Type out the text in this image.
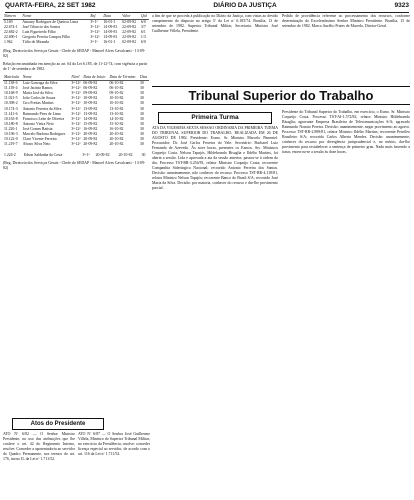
QUARTA-FEIRA, 22 SET 1982	DIÁRIO DA JUSTIÇA	9323
Número	Nome	Ref.	Data	Valor	Qtd
5.169	Amaury Rodrigues de Queiroz Lima	3ª-1ª	16-01-1	02-09-82	6/0
22.674-1	José Tiburcio dos Santos	3ª-12ª	14-09-81	22-09-82	3/7
22.682-2	Luiz Figueiredo Filho	3ª-12ª	14-09-81	22-09-82	6/1
22.690-1	Gregorio Pereira Campos Filho	3ª-12ª	14-09-81	22-09-82	1/3
1.962	Túlio de Miranda	3ª-1ª	16-01-1	02-09-82	6/0
(Reg. Diretoria dos Serviços Gerais - Chefe do SEDAP - Manoel Alves Cavalcanti - 13-09-82)
Relação encaminhada em atenção ao art. 64 da Lei 6.185, de 11-12-74, com vigência a partir de 1º de setembro de 1982.
Matrícula	Nome	Nível	Data de Início	Data de Término	Dias
11.138-6	Luiz Gonzaga da Silva	3ª-12ª	06-09-82	06-10-82	30
11.139-4	José Jacinto Ramos	3ª-12ª	06-09-82	06-10-82	30
10.168-9	Maria José da Silva	3ª-12ª	09-09-82	09-10-82	30
11.021-5	João Carlos de Souza	3ª-12ª	10-09-82	10-10-82	30
10.398-2	Ciro Freitas Martins	3ª-12ª	10-09-82	10-10-82	30
10.174-3	Antonio Ferreira da Silva	3ª-12ª	13-09-82	13-10-82	30
11.141-6	Raimundo Pires de Lima	3ª-12ª	13-09-82	13-10-82	30
10.163-8	Francisco Leite de Oliveira	3ª-12ª	14-09-82	14-10-82	30
10.180-8	Antonio Vieira Neto	3ª-12ª	15-09-82	15-10-82	30
11.220-1	José Gomes Batista	3ª-12ª	16-09-82	16-10-82	30
10.196-3	Marcelo Barbosa Rodrigues	3ª-12ª	20-09-82	20-10-82	30
10.122-0	Claro Vicente Ferreira	3ª-12ª	20-09-82	20-10-82	30
11.219-7	Alvaro Silva Neto	3ª-12ª	20-09-82	20-10-82	30
1.224-2	Edson Saldanha da Costa	3ª-1ª	20-09-82	20-10-82	30
(Reg. Diretoria dos Serviços Gerais - Chefe do SEDAP - Manoel Alves Cavalcanti - 13-09-82)
Atos do Presidente
ATO Nº 6/82 — O Senhor Ministro Presidente, no uso das atribuições que lhe confere o art. 42 do Regimento Interno, resolve: Conceder a aposentadoria ao servidor do Quadro Permanente, nos termos do art. 176, inciso II, da Lei nº 1.711/52.
ATO Nº 6/87 — O Senhor José Guilherme Villela, Ministro do Superior Tribunal Militar, no exercício da Presidência, resolve: conceder licença especial ao servidor, de acordo com o art. 116 da Lei nº 1.711/52.
a fim de que se proceda à publicação no Diário da Justiça, com vistas ao devido cumprimento do disposto no artigo 5º da Lei nº 6.185/74. Brasília, 13 de setembro de 1982. Superior Tribunal Militar, Secretaria. Ministro José Guilherme Villela, Presidente.
Pedido de providência referente ao processamento dos recursos, conforme determinação do Excelentíssimo Senhor Ministro Presidente. Brasília, 15 de setembro de 1982. Marco Aurélio Prates de Macedo, Diretor-Geral.
Tribunal Superior do Trabalho
Primeira Turma
ATA DA VIGÉSIMA SEXTA SESSÃO ORDINÁRIA DA PRIMEIRA TURMA DO TRIBUNAL SUPERIOR DO TRABALHO, REALIZADA EM 26 DE AGOSTO DE 1982. Presidente: Exmo. Sr. Ministro Marcelo Pimentel. Procurador: Dr. José Carlos Ferreira do Vale. Secretário: Bacharel Luiz Fernando de Azevedo. Às nove horas, presentes os Exmos. Srs. Ministros Coqueijo Costa, Nelson Tapajós, Hildebrando Bisaglia e Ildélio Martins, foi aberta a sessão. Lida e aprovada a ata da sessão anterior, passou-se à ordem do dia. Processo TST-RR-3.254/81, relator Ministro Coqueijo Costa; recorrente Companhia Siderúrgica Nacional; recorrido Antonio Ferreira dos Santos. Decisão: unanimemente, não conhecer do recurso. Processo TST-RR-4.118/81, relator Ministro Nelson Tapajós; recorrente Banco do Brasil S/A; recorrido José Maria da Silva. Decisão: por maioria, conhecer do recurso e dar-lhe provimento parcial.
Presidente do Tribunal Superior do Trabalho, em exercício, o Exmo. Sr. Ministro Coqueijo Costa. Processo TST-AI-1.572/82, relator Ministro Hildebrando Bisaglia; agravante Empresa Brasileira de Telecomunicações S/A; agravado Raimundo Nonato Pereira. Decisão: unanimemente, negar provimento ao agravo. Processo TST-RR-2.889/81, relator Ministro Ildélio Martins; recorrente Petróleo Brasileiro S/A; recorrido Carlos Alberto Mendes. Decisão: unanimemente, conhecer do recurso por divergência jurisprudencial e, no mérito, dar-lhe provimento para restabelecer a sentença de primeiro grau. Nada mais havendo a tratar, encerrou-se a sessão às doze horas.
